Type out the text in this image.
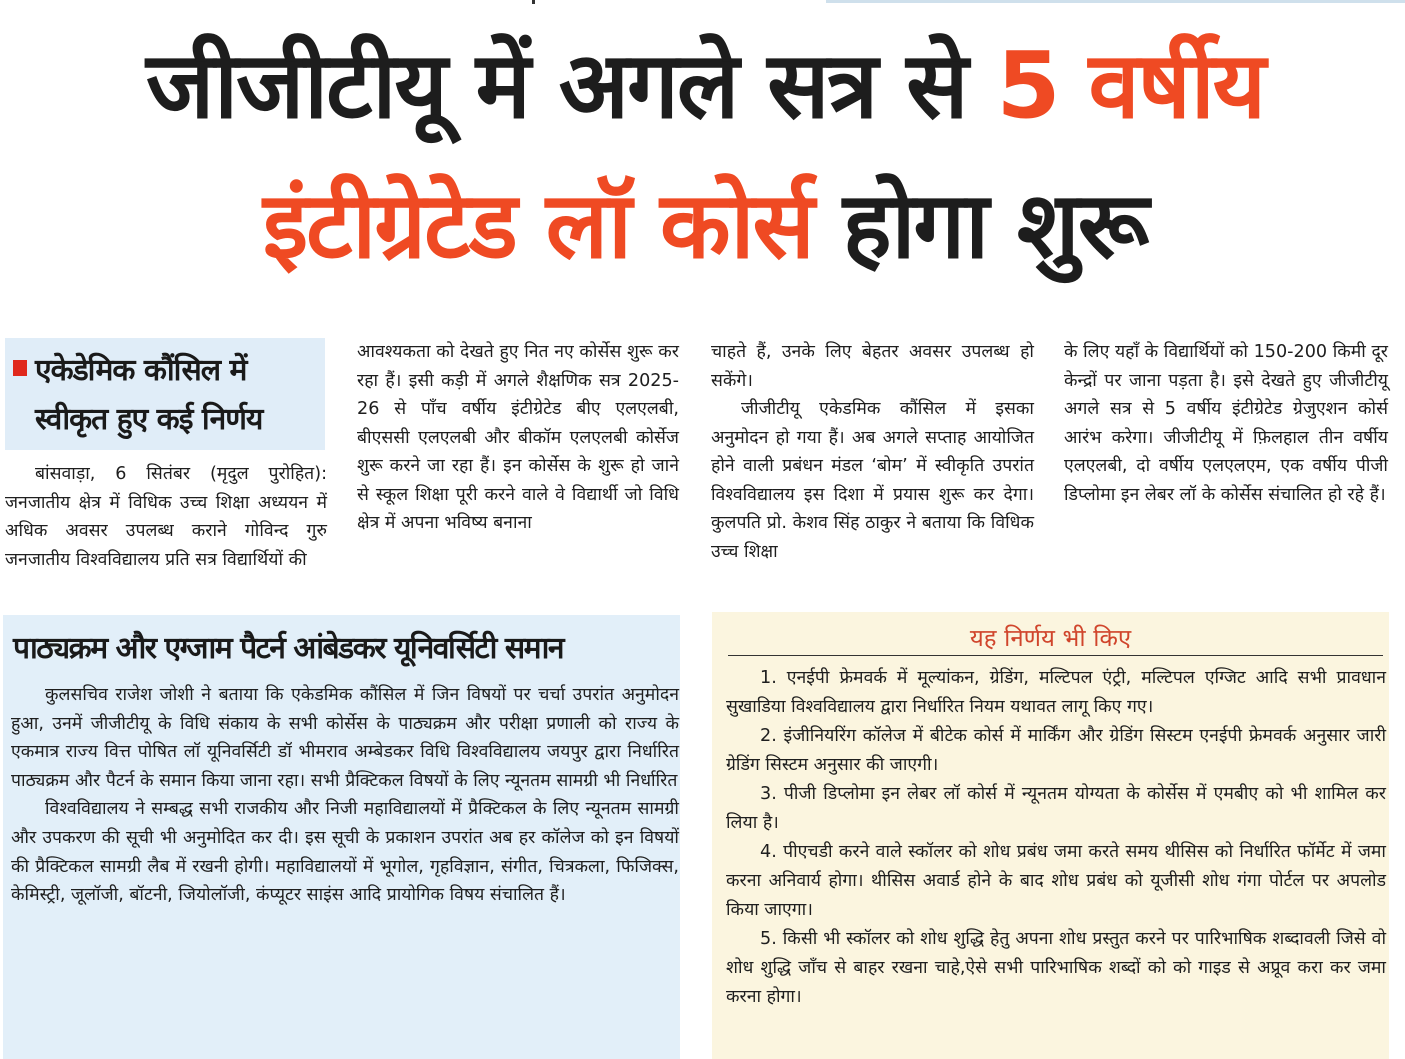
जीजीटीयू में अगले सत्र से 5 वर्षीय
इंटीग्रेटेड लॉ कोर्स होगा शुरू
एकेडेमिक कौंसिल में स्वीकृत हुए कई निर्णय

बांसवाड़ा, 6 सितंबर (मृदुल पुरोहित): जनजातीय क्षेत्र में विधिक उच्च शिक्षा अध्ययन में अधिक अवसर उपलब्ध कराने गोविन्द गुरु जनजातीय विश्वविद्यालय प्रति सत्र विद्यार्थियों की

आवश्यकता को देखते हुए नित नए कोर्सेस शुरू कर रहा हैं। इसी कड़ी में अगले शैक्षणिक सत्र 2025-26 से पाँच वर्षीय इंटीग्रेटेड बीए एलएलबी, बीएससी एलएलबी और बीकॉम एलएलबी कोर्सेज शुरू करने जा रहा हैं। इन कोर्सेस के शुरू हो जाने से स्कूल शिक्षा पूरी करने वाले वे विद्यार्थी जो विधि क्षेत्र में अपना भविष्य बनाना

चाहते हैं, उनके लिए बेहतर अवसर उपलब्ध हो सकेंगे।

जीजीटीयू एकेडमिक कौंसिल में इसका अनुमोदन हो गया हैं। अब अगले सप्ताह आयोजित होने वाली प्रबंधन मंडल ‘बोम’ में स्वीकृति उपरांत विश्वविद्यालय इस दिशा में प्रयास शुरू कर देगा। कुलपति प्रो. केशव सिंह ठाकुर ने बताया कि विधिक उच्च शिक्षा

के लिए यहाँ के विद्यार्थियों को 150-200 किमी दूर केन्द्रों पर जाना पड़ता है। इसे देखते हुए जीजीटीयू अगले सत्र से 5 वर्षीय इंटीग्रेटेड ग्रेजुएशन कोर्स आरंभ करेगा। जीजीटीयू में फ़िलहाल तीन वर्षीय एलएलबी, दो वर्षीय एलएलएम, एक वर्षीय पीजी डिप्लोमा इन लेबर लॉ के कोर्सेस संचालित हो रहे हैं।

पाठ्यक्रम और एग्जाम पैटर्न आंबेडकर यूनिवर्सिटी समान

कुलसचिव राजेश जोशी ने बताया कि एकेडमिक कौंसिल में जिन विषयों पर चर्चा उपरांत अनुमोदन हुआ, उनमें जीजीटीयू के विधि संकाय के सभी कोर्सेस के पाठ्यक्रम और परीक्षा प्रणाली को राज्य के एकमात्र राज्य वित्त पोषित लॉ यूनिवर्सिटी डॉ भीमराव अम्बेडकर विधि विश्वविद्यालय जयपुर द्वारा निर्धारित पाठ्यक्रम और पैटर्न के समान किया जाना रहा। सभी प्रैक्टिकल विषयों के लिए न्यूनतम सामग्री भी निर्धारित

विश्वविद्यालय ने सम्बद्ध सभी राजकीय और निजी महाविद्यालयों में प्रैक्टिकल के लिए न्यूनतम सामग्री और उपकरण की सूची भी अनुमोदित कर दी। इस सूची के प्रकाशन उपरांत अब हर कॉलेज को इन विषयों की प्रैक्टिकल सामग्री लैब में रखनी होगी। महाविद्यालयों में भूगोल, गृहविज्ञान, संगीत, चित्रकला, फिजिक्स, केमिस्ट्री, जूलॉजी, बॉटनी, जियोलॉजी, कंप्यूटर साइंस आदि प्रायोगिक विषय संचालित हैं।

यह निर्णय भी किए

1. एनईपी फ्रेमवर्क में मूल्यांकन, ग्रेडिंग, मल्टिपल एंट्री, मल्टिपल एग्जिट आदि सभी प्रावधान सुखाडिया विश्वविद्यालय द्वारा निर्धारित नियम यथावत लागू किए गए।

2. इंजीनियरिंग कॉलेज में बीटेक कोर्स में मार्किंग और ग्रेडिंग सिस्टम एनईपी फ्रेमवर्क अनुसार जारी ग्रेडिंग सिस्टम अनुसार की जाएगी।

3. पीजी डिप्लोमा इन लेबर लॉ कोर्स में न्यूनतम योग्यता के कोर्सेस में एमबीए को भी शामिल कर लिया है।

4. पीएचडी करने वाले स्कॉलर को शोध प्रबंध जमा करते समय थीसिस को निर्धारित फॉर्मेट में जमा करना अनिवार्य होगा। थीसिस अवार्ड होने के बाद शोध प्रबंध को यूजीसी शोध गंगा पोर्टल पर अपलोड किया जाएगा।

5. किसी भी स्कॉलर को शोध शुद्धि हेतु अपना शोध प्रस्तुत करने पर पारिभाषिक शब्दावली जिसे वो शोध शुद्धि जाँच से बाहर रखना चाहे,ऐसे सभी पारिभाषिक शब्दों को को गाइड से अप्रूव करा कर जमा करना होगा।
